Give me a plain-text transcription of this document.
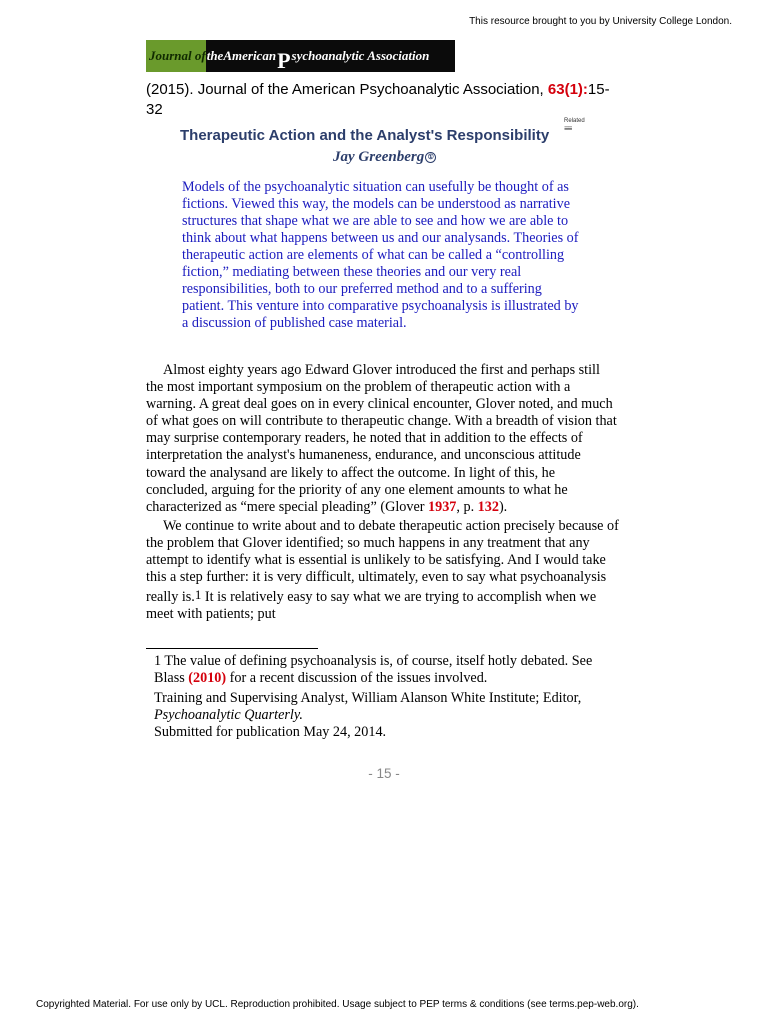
This resource brought to you by University College London.
Journal of theAmerican P sychoanalytic Association
(2015). Journal of the American Psychoanalytic Association, 63(1):15-
32
Therapeutic Action and the Analyst's Responsibility
Related
≡≡
Jay Greenberg ①
Models of the psychoanalytic situation can usefully be thought of as fictions. Viewed this way, the models can be understood as narrative structures that shape what we are able to see and how we are able to think about what happens between us and our analysands. Theories of therapeutic action are elements of what can be called a “controlling fiction,” mediating between these theories and our very real responsibilities, both to our preferred method and to a suffering patient. This venture into comparative psychoanalysis is illustrated by a discussion of published case material.

Almost eighty years ago Edward Glover introduced the first and perhaps still the most important symposium on the problem of therapeutic action with a warning. A great deal goes on in every clinical encounter, Glover noted, and much of what goes on will contribute to therapeutic change. With a breadth of vision that may surprise contemporary readers, he noted that in addition to the effects of interpretation the analyst's humaneness, endurance, and unconscious attitude toward the analysand are likely to affect the outcome. In light of this, he concluded, arguing for the priority of any one element amounts to what he characterized as “mere special pleading” (Glover 1937, p. 132).

We continue to write about and to debate therapeutic action precisely because of the problem that Glover identified; so much happens in any treatment that any attempt to identify what is essential is unlikely to be satisfying. And I would take this a step further: it is very difficult, ultimately, even to say what psychoanalysis really is.1 It is relatively easy to say what we are trying to accomplish when we meet with patients; put

1 The value of defining psychoanalysis is, of course, itself hotly debated. See Blass (2010) for a recent discussion of the issues involved.

Training and Supervising Analyst, William Alanson White Institute; Editor,
Psychoanalytic Quarterly.

Submitted for publication May 24, 2014.

- 15 -
Copyrighted Material. For use only by UCL. Reproduction prohibited. Usage subject to PEP terms & conditions (see terms.pep-web.org).
